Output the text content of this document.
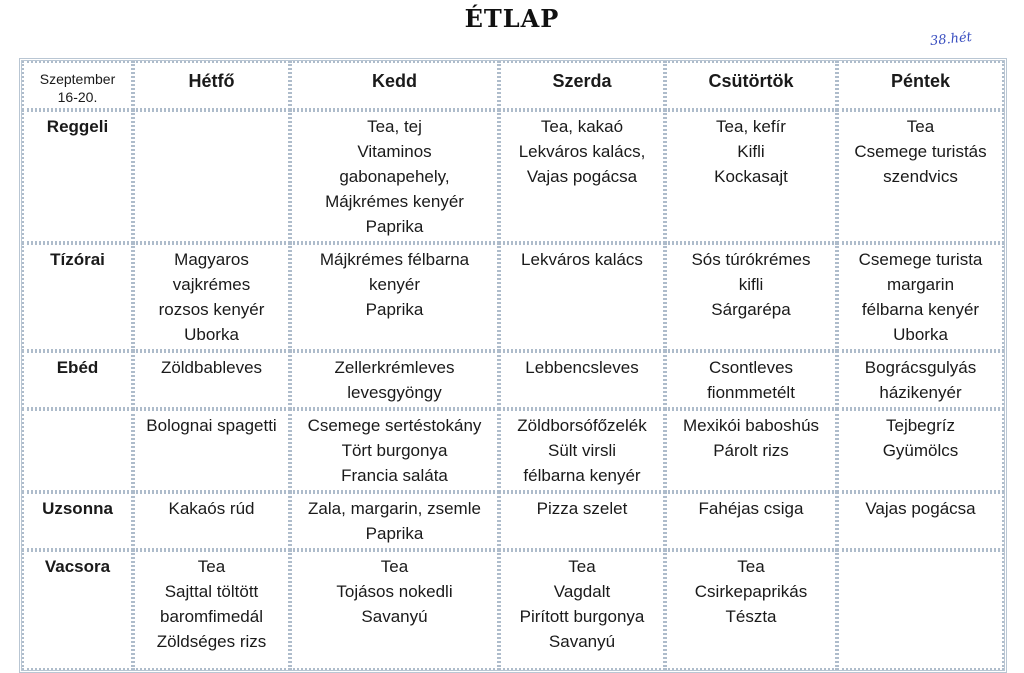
ÉTLAP
38.hét
Szeptember
16-20.	Hétfő	Kedd	Szerda	Csütörtök	Péntek
Reggeli		Tea, tej
Vitaminos
gabonapehely,
Májkrémes kenyér
Paprika	Tea, kakaó
Lekváros kalács,
Vajas pogácsa	Tea, kefír
Kifli
Kockasajt	Tea
Csemege turistás
szendvics

Tízórai	Magyaros
vajkrémes
rozsos kenyér
Uborka	Májkrémes félbarna
kenyér
Paprika	Lekváros kalács	Sós túrókrémes
kifli
Sárgarépa	Csemege turista
margarin
félbarna kenyér
Uborka

Ebéd	Zöldbableves	Zellerkrémleves
levesgyöngy	Lebbencsleves	Csontleves
fionmmetélt	Bográcsgulyás
házikenyér

	Bolognai spagetti	Csemege sertéstokány
Tört burgonya
Francia saláta	Zöldborsófőzelék
Sült virsli
félbarna kenyér	Mexikói baboshús
Párolt rizs	Tejbegríz
Gyümölcs

Uzsonna	Kakaós rúd	Zala, margarin, zsemle
Paprika	Pizza szelet	Fahéjas csiga	Vajas pogácsa

Vacsora	Tea
Sajttal töltött
baromfimedál
Zöldséges rizs	Tea
Tojásos nokedli
Savanyú	Tea
Vagdalt
Pirított burgonya
Savanyú	Tea
Csirkepaprikás
Tészta	
